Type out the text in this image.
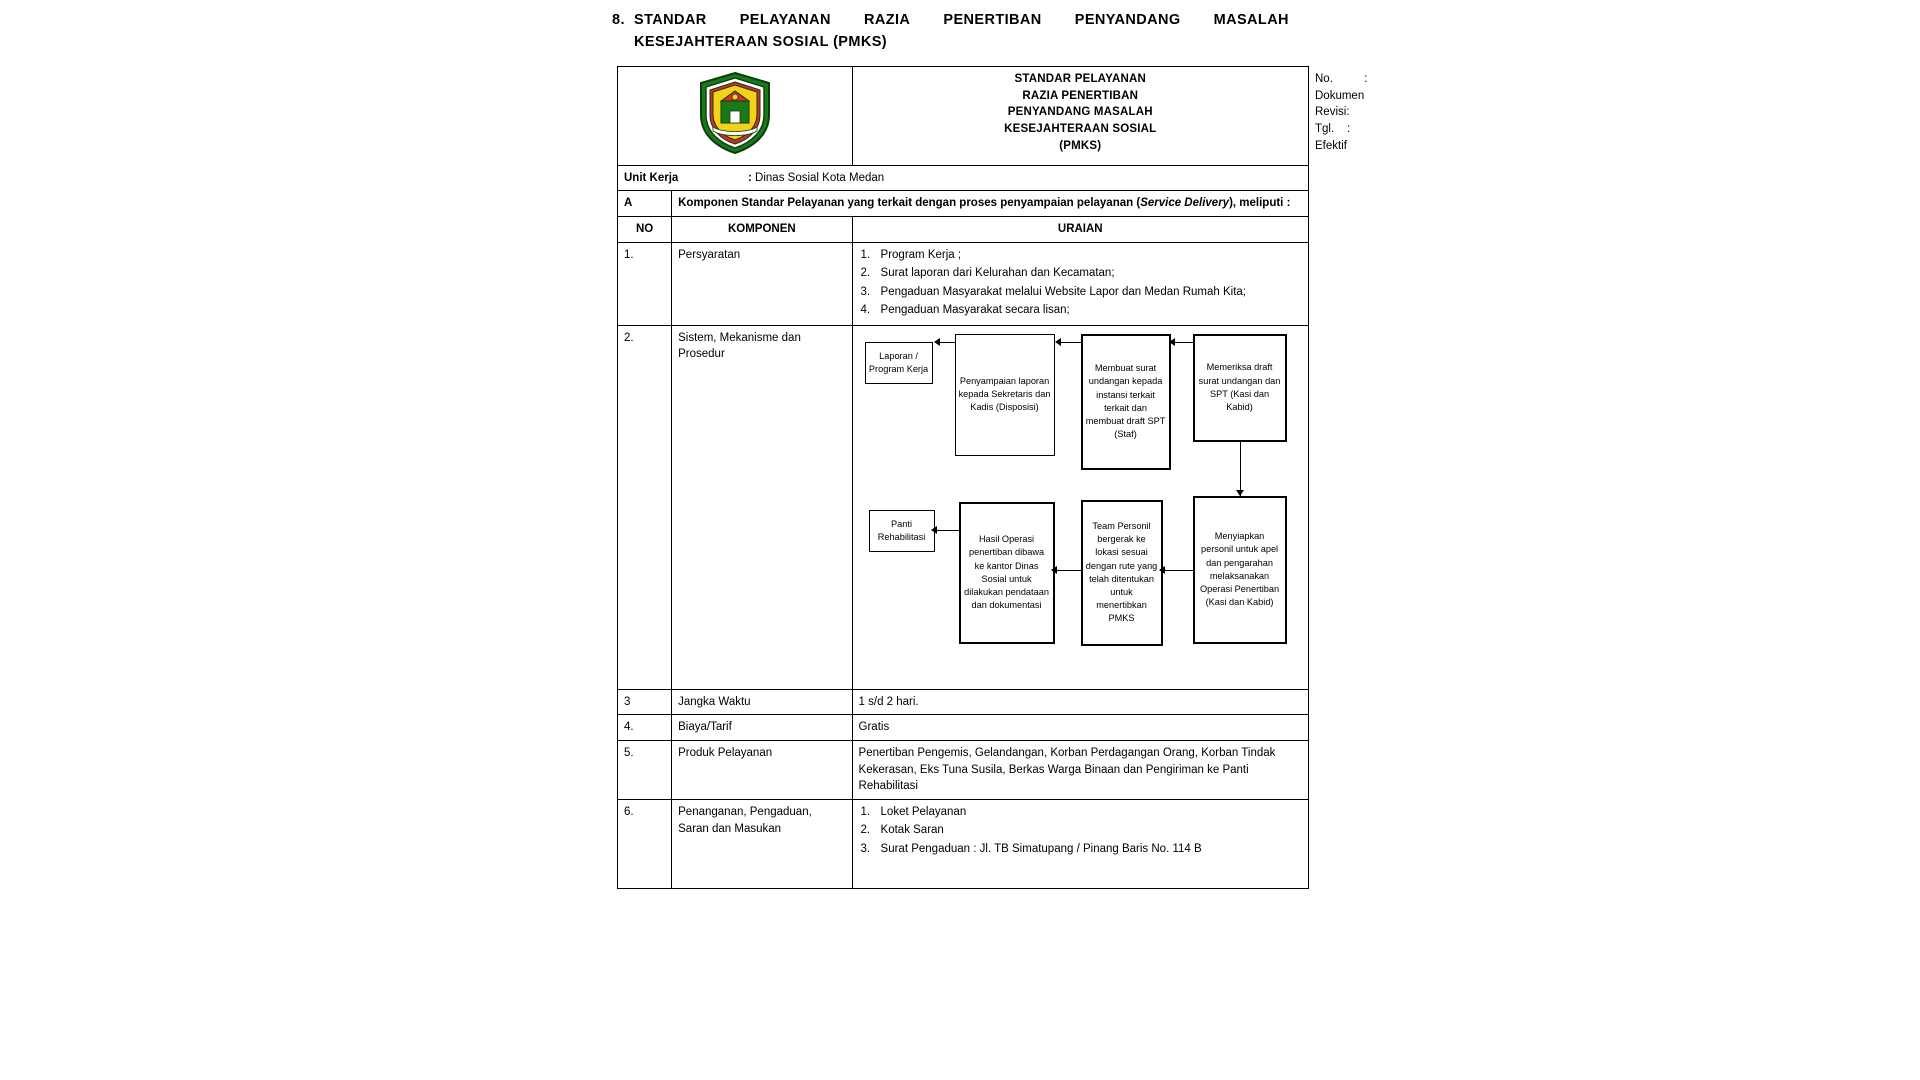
8. STANDAR PELAYANAN RAZIA PENERTIBAN PENYANDANG MASALAH
KESEJAHTERAAN SOSIAL (PMKS)

STANDAR PELAYANAN
RAZIA PENERTIBAN
PENYANDANG MASALAH
KESEJAHTERAAN SOSIAL
(PMKS)

No. Dokumen
:
Revisi :
Tgl. Efektif
:

Unit Kerja : Dinas Sosial Kota Medan			
A	Komponen Standar Pelayanan yang terkait dengan proses penyampaian pelayanan (Service Delivery), meliputi :		
NO	KOMPONEN	URAIAN	
1.	Persyaratan	1. Program Kerja ;
2. Surat laporan dari Kelurahan dan Kecamatan;
3. Pengaduan Masyarakat melalui Website Lapor dan Medan Rumah Kita;
4. Pengaduan Masyarakat secara lisan;

2.	Sistem, Mekanisme dan Prosedur	Laporan / Program Kerja
Penyampaian laporan kepada Sekretaris dan Kadis (Disposisi)
Membuat surat undangan kepada instansi terkait terkait dan membuat draft SPT (Staf)
Memeriksa draft surat undangan dan SPT (Kasi dan Kabid)
Menyiapkan personil untuk apel dan pengarahan melaksanakan Operasi Penertiban (Kasi dan Kabid)
Team Personil bergerak ke lokasi sesuai dengan rute yang telah ditentukan untuk menertibkan PMKS
Hasil Operasi penertiban dibawa ke kantor Dinas Sosial untuk dilakukan pendataan dan dokumentasi
Panti Rehabilitasi

3	Jangka Waktu	1 s/d 2 hari.	
4.	Biaya/Tarif	Gratis	
5.	Produk Pelayanan	Penertiban Pengemis, Gelandangan, Korban Perdagangan Orang, Korban Tindak Kekerasan, Eks Tuna Susila, Berkas Warga Binaan dan Pengiriman ke Panti Rehabilitasi	
6.	Penanganan, Pengaduan, Saran dan Masukan	
1. Loket Pelayanan
2. Kotak Saran
3. Surat Pengaduan : Jl. TB Simatupang / Pinang Baris No. 114 B
